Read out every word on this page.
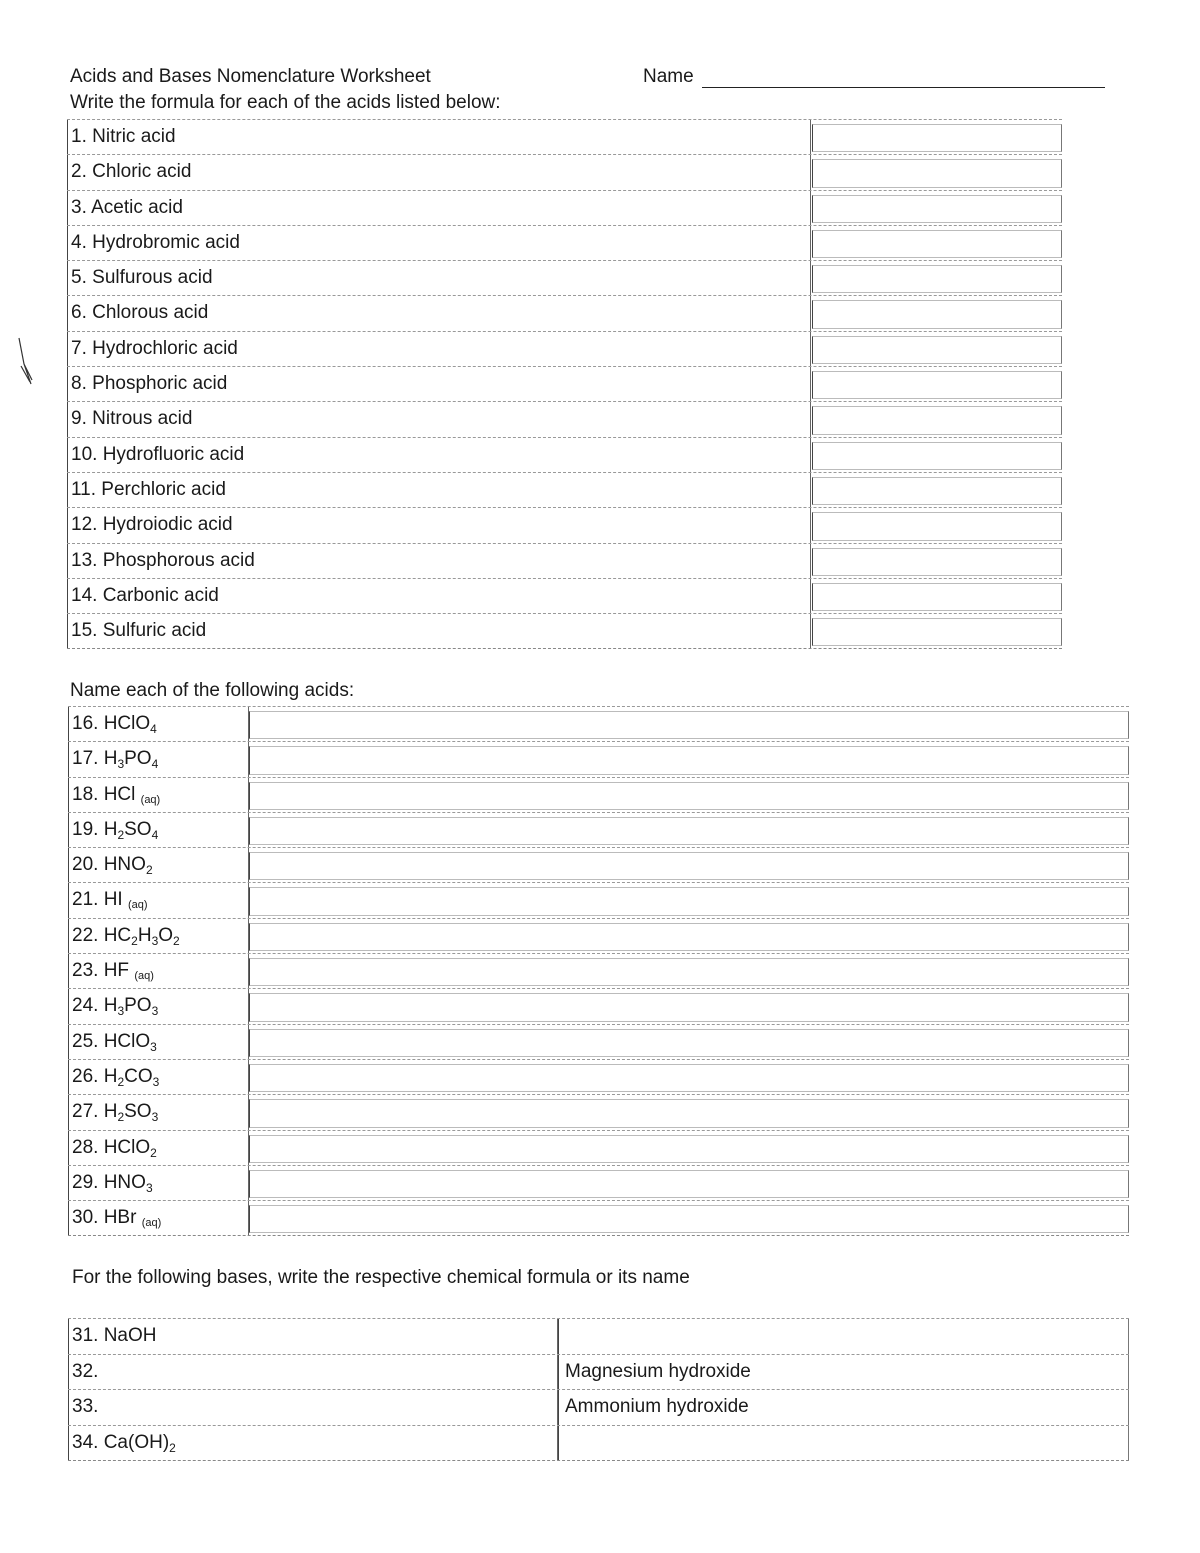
Acids and Bases Nomenclature Worksheet	Name
Write the formula for each of the acids listed below:
1. Nitric acid
2. Chloric acid
3. Acetic acid
4. Hydrobromic acid
5. Sulfurous acid
6. Chlorous acid
7. Hydrochloric acid
8. Phosphoric acid
9. Nitrous acid
10. Hydrofluoric acid
11. Perchloric acid
12. Hydroiodic acid
13. Phosphorous acid
14. Carbonic acid
15. Sulfuric acid
Name each of the following acids:
16. HClO$_4$
17. $H_3PO_4$
18. HCl $_{(aq)}$
19. $H_2SO_4$
20. $HNO_2$
21. HI $_{(aq)}$
22. $HC_2H_3O_2$
23. HF $_{(aq)}$
24. $H_3PO_3$
25. HClO$_3$
26. $H_2CO_3$
27. $H_2SO_3$
28. HClO$_2$
29. $HNO_3$
30. HBr $_{(aq)}$
For the following bases, write the respective chemical formula or its name
31. NaOH
32.	Magnesium hydroxide
33.	Ammonium hydroxide
34. $Ca(OH)_2$
